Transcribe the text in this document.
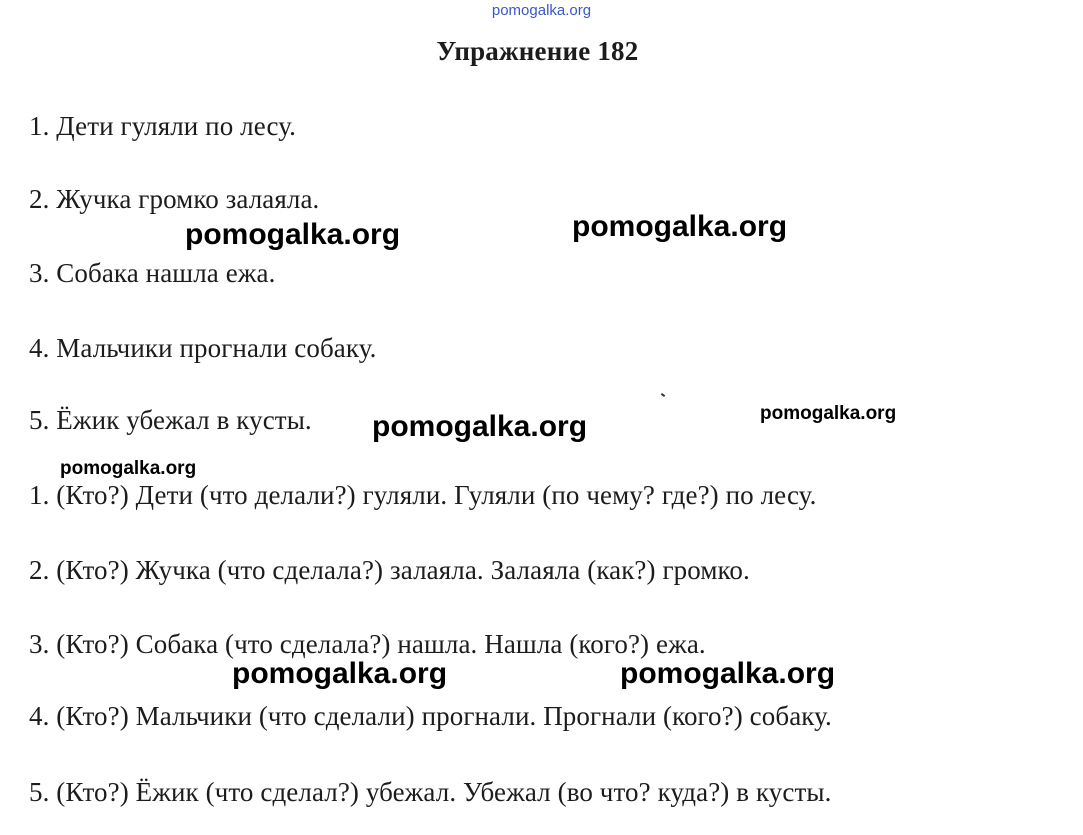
pomogalka.org
Упражнение 182
1. Дети гуляли по лесу.
2. Жучка громко залаяла.
3. Собака нашла ежа.
4. Мальчики прогнали собаку.
5. Ёжик убежал в кусты.
1. (Кто?) Дети (что делали?) гуляли. Гуляли (по чему? где?) по лесу.
2. (Кто?) Жучка (что сделала?) залаяла. Залаяла (как?) громко.
3. (Кто?) Собака (что сделала?) нашла. Нашла (кого?) ежа.
4. (Кто?) Мальчики (что сделали) прогнали. Прогнали (кого?) собаку.
5. (Кто?) Ёжик (что сделал?) убежал. Убежал (во что? куда?) в кусты.
pomogalka.org	pomogalka.org
pomogalka.org	pomogalka.org
pomogalka.org
pomogalka.org	pomogalka.org
